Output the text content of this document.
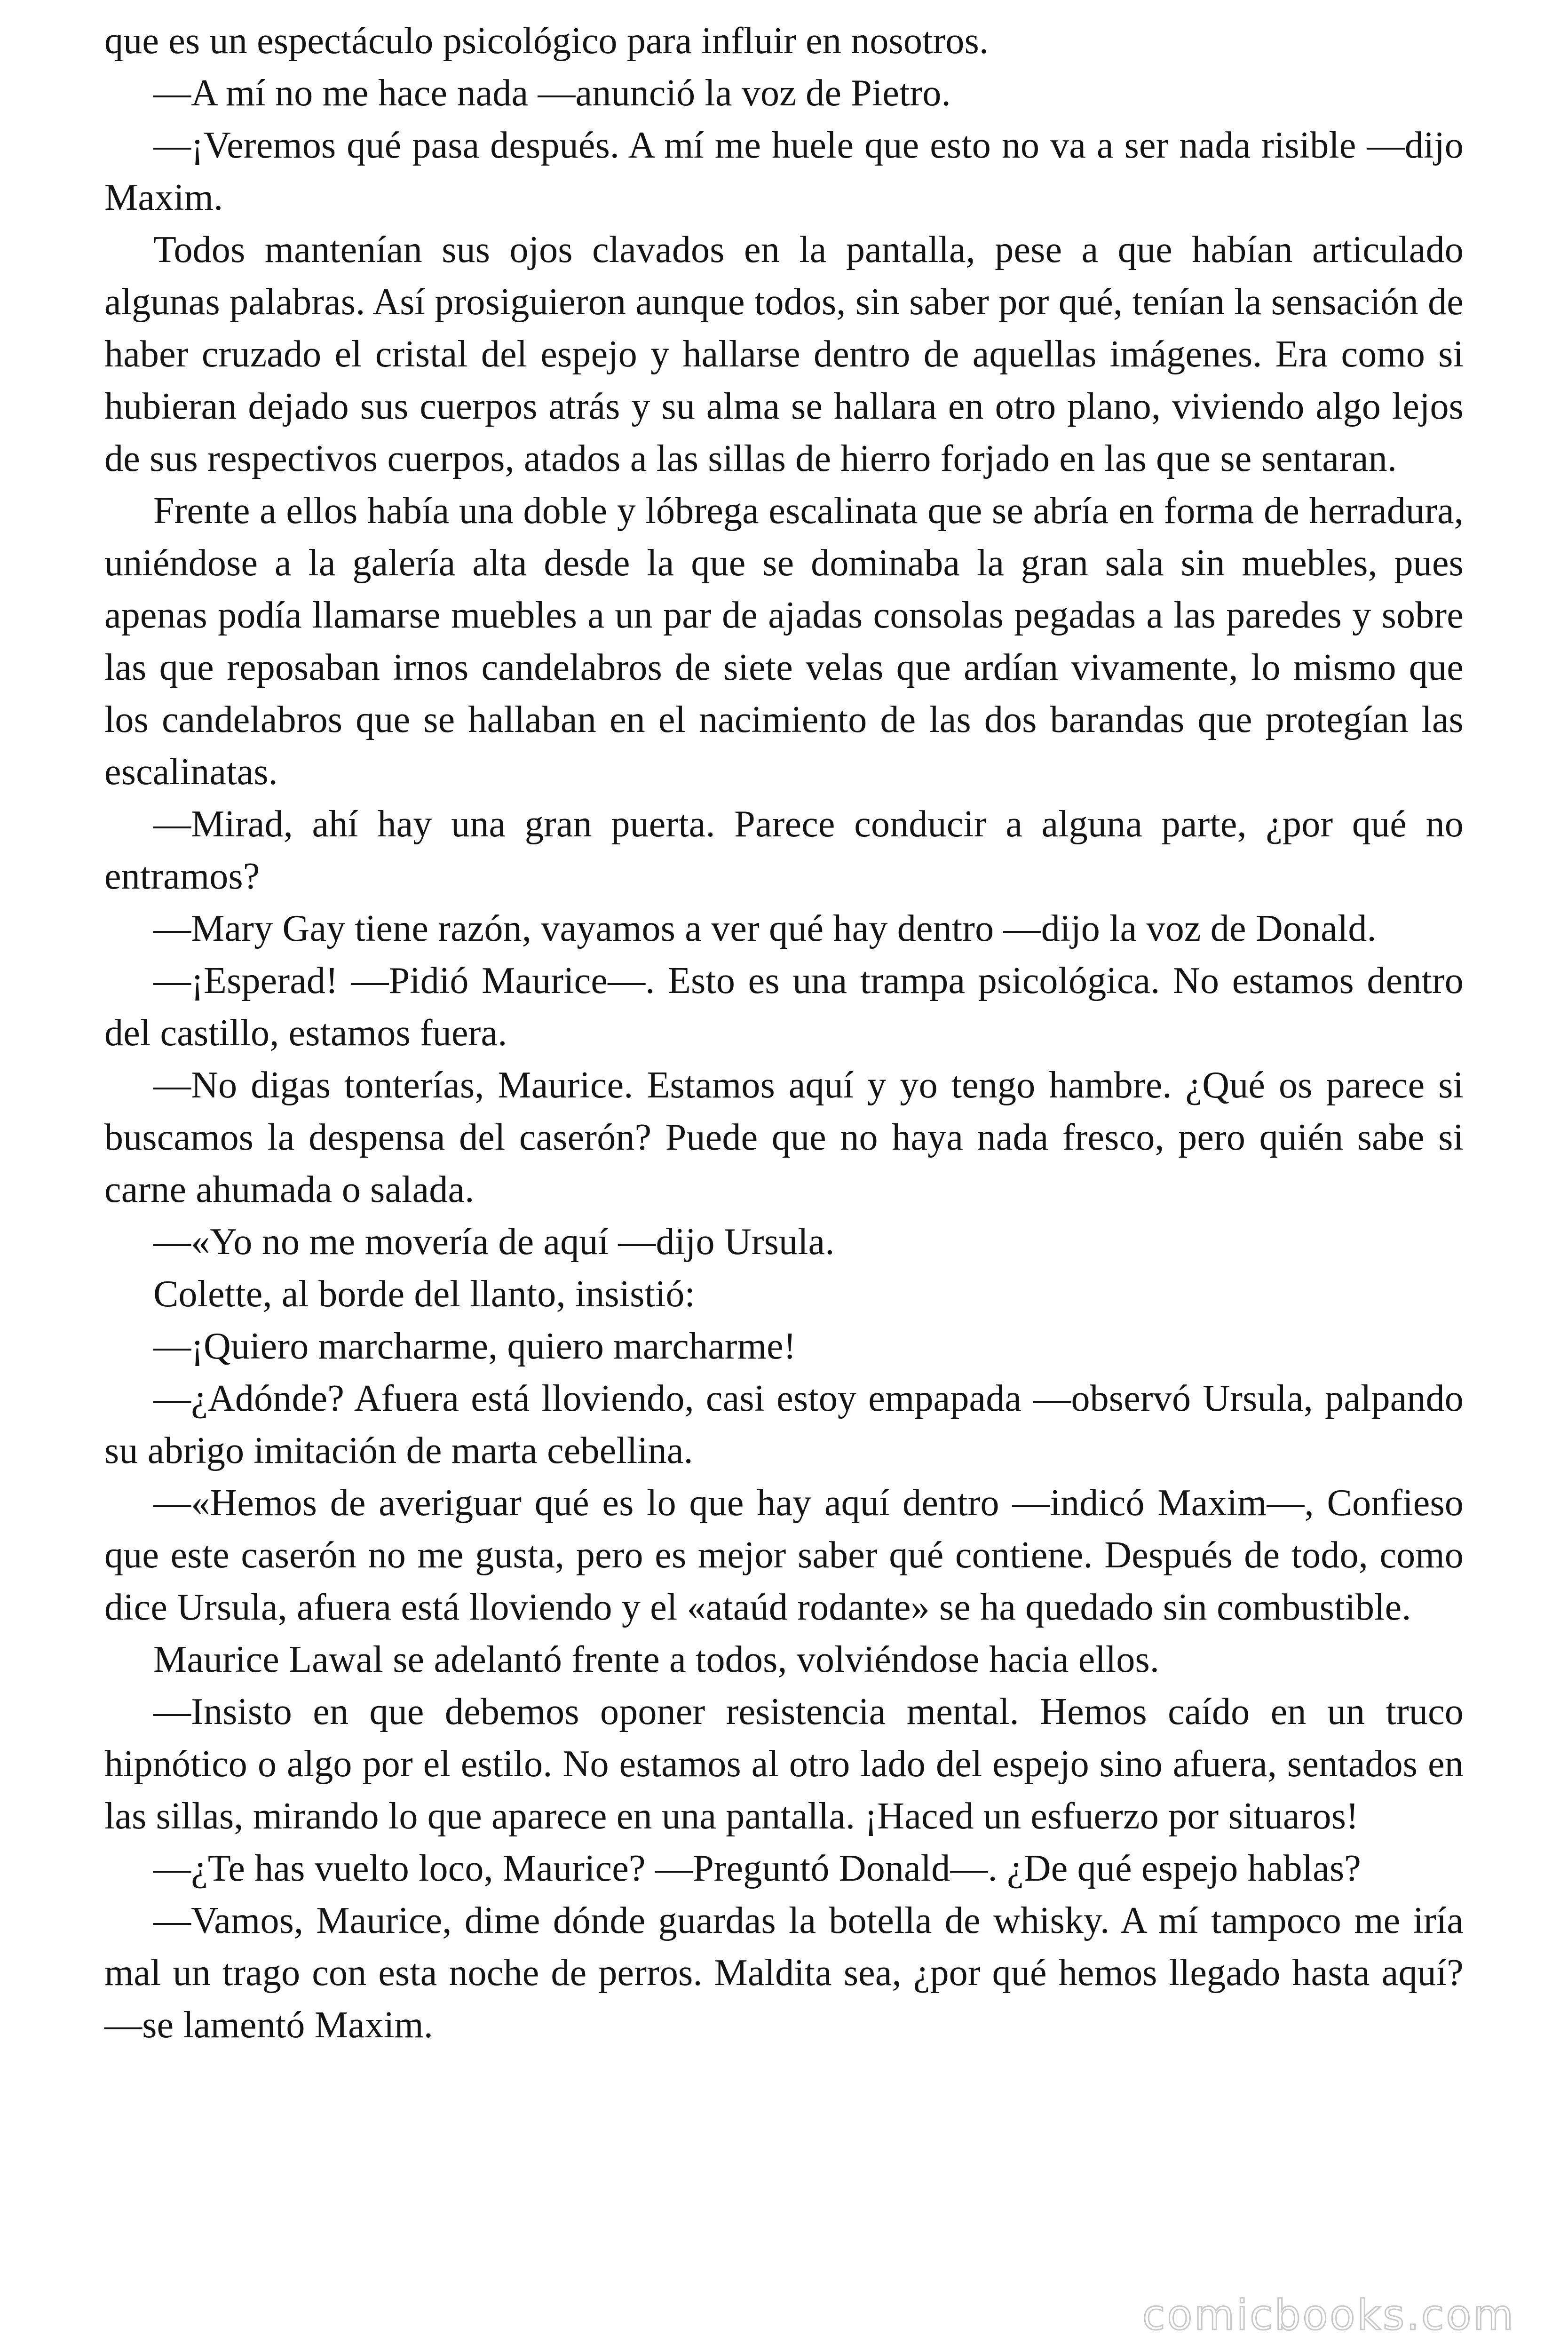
que es un espectáculo psicológico para influir en nosotros.

—A mí no me hace nada —anunció la voz de Pietro.

—¡Veremos qué pasa después. A mí me huele que esto no va a ser nada risible —dijo Maxim.

Todos mantenían sus ojos clavados en la pantalla, pese a que habían articulado algunas palabras. Así prosiguieron aunque todos, sin saber por qué, tenían la sensación de haber cruzado el cristal del espejo y hallarse dentro de aquellas imágenes. Era como si hubieran dejado sus cuerpos atrás y su alma se hallara en otro plano, viviendo algo lejos de sus respectivos cuerpos, atados a las sillas de hierro forjado en las que se sentaran.

Frente a ellos había una doble y lóbrega escalinata que se abría en forma de herradura, uniéndose a la galería alta desde la que se dominaba la gran sala sin muebles, pues apenas podía llamarse muebles a un par de ajadas consolas pegadas a las paredes y sobre las que reposaban irnos candelabros de siete velas que ardían vivamente, lo mismo que los candelabros que se hallaban en el nacimiento de las dos barandas que protegían las escalinatas.

—Mirad, ahí hay una gran puerta. Parece conducir a alguna parte, ¿por qué no entramos?

—Mary Gay tiene razón, vayamos a ver qué hay dentro —dijo la voz de Donald.

—¡Esperad! —Pidió Maurice—. Esto es una trampa psicológica. No estamos dentro del castillo, estamos fuera.

—No digas tonterías, Maurice. Estamos aquí y yo tengo hambre. ¿Qué os parece si buscamos la despensa del caserón? Puede que no haya nada fresco, pero quién sabe si carne ahumada o salada.

—«Yo no me movería de aquí —dijo Ursula.

Colette, al borde del llanto, insistió:

—¡Quiero marcharme, quiero marcharme!

—¿Adónde? Afuera está lloviendo, casi estoy empapada —observó Ursula, palpando su abrigo imitación de marta cebellina.

—«Hemos de averiguar qué es lo que hay aquí dentro —indicó Maxim—, Confieso que este caserón no me gusta, pero es mejor saber qué contiene. Después de todo, como dice Ursula, afuera está lloviendo y el «ataúd rodante» se ha quedado sin combustible.

Maurice Lawal se adelantó frente a todos, volviéndose hacia ellos.

—Insisto en que debemos oponer resistencia mental. Hemos caído en un truco hipnótico o algo por el estilo. No estamos al otro lado del espejo sino afuera, sentados en las sillas, mirando lo que aparece en una pantalla. ¡Haced un esfuerzo por situaros!

—¿Te has vuelto loco, Maurice? —Preguntó Donald—. ¿De qué espejo hablas?

—Vamos, Maurice, dime dónde guardas la botella de whisky. A mí tampoco me iría mal un trago con esta noche de perros. Maldita sea, ¿por qué hemos llegado hasta aquí? —se lamentó Maxim.

comicbooks.com
